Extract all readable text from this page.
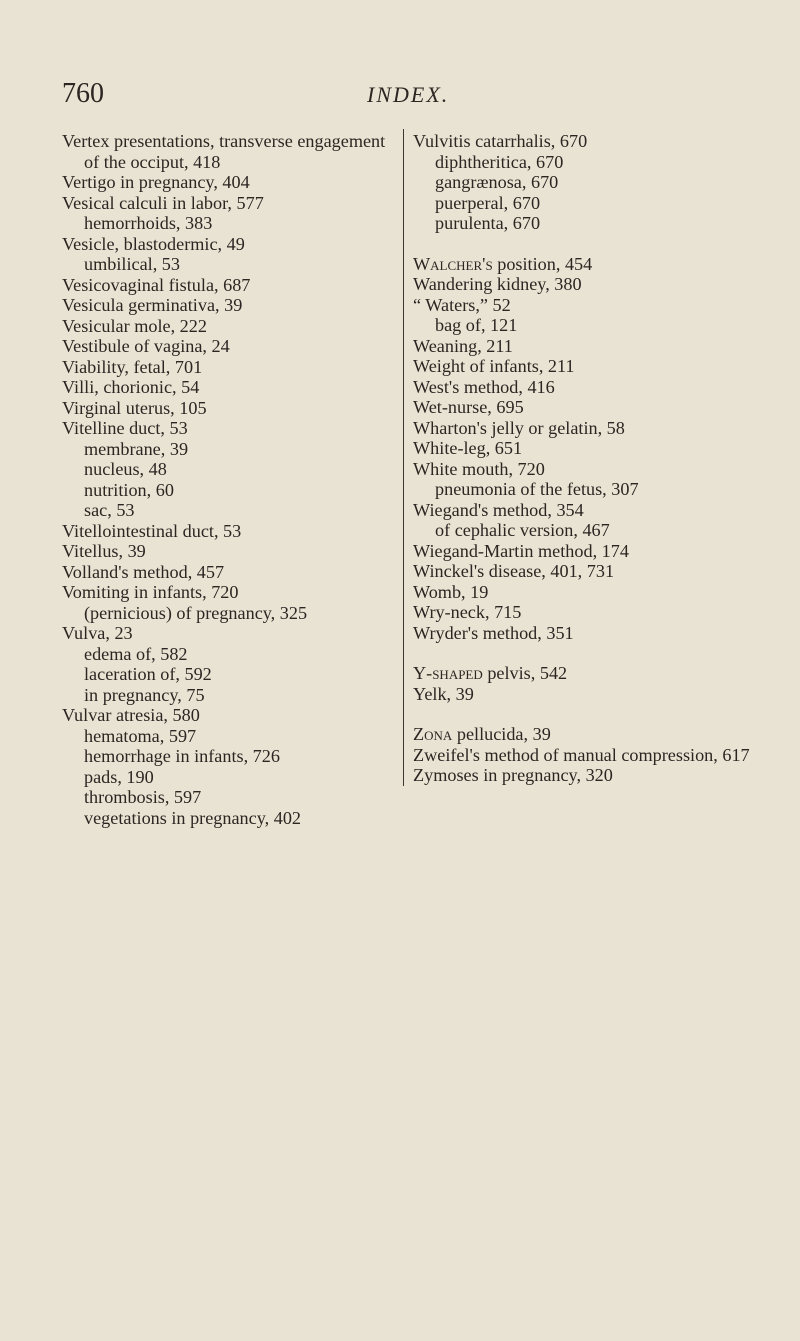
760	INDEX.

Vertex presentations, transverse engagement of the occiput, 418

Vertigo in pregnancy, 404

Vesical calculi in labor, 577

hemorrhoids, 383

Vesicle, blastodermic, 49

umbilical, 53

Vesicovaginal fistula, 687

Vesicula germinativa, 39

Vesicular mole, 222

Vestibule of vagina, 24

Viability, fetal, 701

Villi, chorionic, 54

Virginal uterus, 105

Vitelline duct, 53

membrane, 39

nucleus, 48

nutrition, 60

sac, 53

Vitellointestinal duct, 53

Vitellus, 39

Volland's method, 457

Vomiting in infants, 720

(pernicious) of pregnancy, 325

Vulva, 23

edema of, 582

laceration of, 592

in pregnancy, 75

Vulvar atresia, 580

hematoma, 597

hemorrhage in infants, 726

pads, 190

thrombosis, 597

vegetations in pregnancy, 402

Vulvitis catarrhalis, 670

diphtheritica, 670

gangrænosa, 670

puerperal, 670

purulenta, 670

Walcher's position, 454

Wandering kidney, 380

“ Waters,” 52

bag of, 121

Weaning, 211

Weight of infants, 211

West's method, 416

Wet-nurse, 695

Wharton's jelly or gelatin, 58

White-leg, 651

White mouth, 720

pneumonia of the fetus, 307

Wiegand's method, 354

of cephalic version, 467

Wiegand-Martin method, 174

Winckel's disease, 401, 731

Womb, 19

Wry-neck, 715

Wryder's method, 351

Y-shaped pelvis, 542

Yelk, 39

Zona pellucida, 39

Zweifel's method of manual compression, 617

Zymoses in pregnancy, 320
